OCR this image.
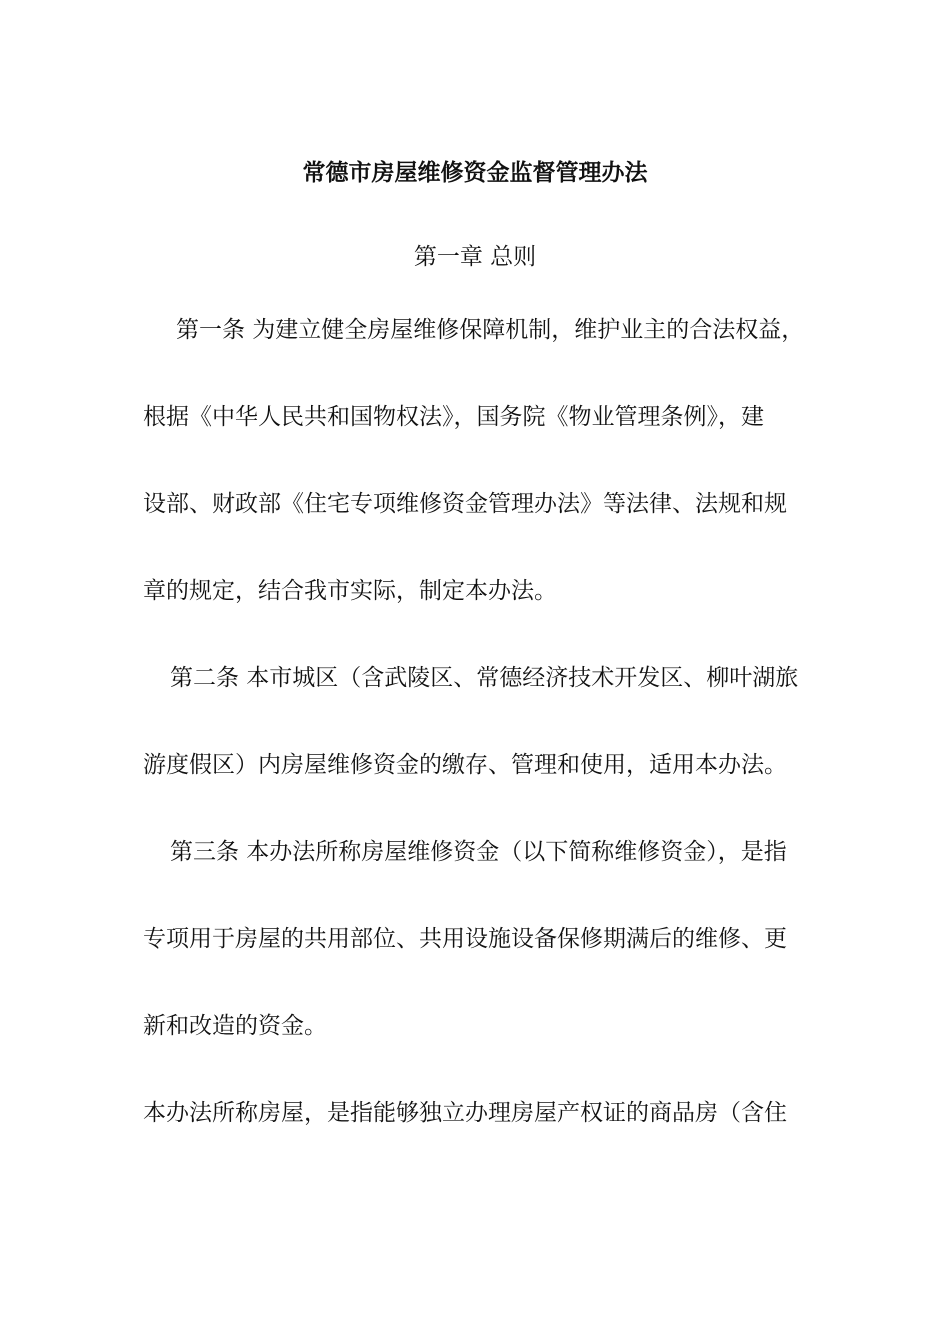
常德市房屋维修资金监督管理办法
第一章 总则
第一条 为建立健全房屋维修保障机制，维护业主的合法权益，
根据《中华人民共和国物权法》，国务院《物业管理条例》，建
设部、财政部《住宅专项维修资金管理办法》等法律、法规和规
章的规定，结合我市实际，制定本办法。
第二条 本市城区（含武陵区、常德经济技术开发区、柳叶湖旅
游度假区）内房屋维修资金的缴存、管理和使用，适用本办法。
第三条 本办法所称房屋维修资金（以下简称维修资金），是指
专项用于房屋的共用部位、共用设施设备保修期满后的维修、更
新和改造的资金。
本办法所称房屋，是指能够独立办理房屋产权证的商品房（含住
